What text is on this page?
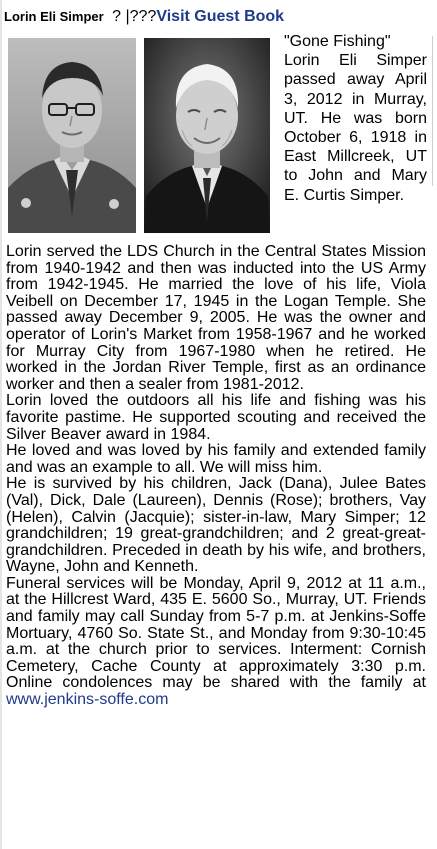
Lorin Eli Simper ? |???Visit Guest Book

"Gone Fishing"

Lorin Eli Simper passed away April 3, 2012 in Murray, UT. He was born October 6, 1918 in East Millcreek, UT to John and Mary E. Curtis Simper.

Lorin served the LDS Church in the Central States Mission from 1940-1942 and then was inducted into the US Army from 1942-1945. He married the love of his life, Viola Veibell on December 17, 1945 in the Logan Temple. She passed away December 9, 2005. He was the owner and operator of Lorin's Market from 1958-1967 and he worked for Murray City from 1967-1980 when he retired. He worked in the Jordan River Temple, first as an ordinance worker and then a sealer from 1981-2012.

Lorin loved the outdoors all his life and fishing was his favorite pastime. He supported scouting and received the Silver Beaver award in 1984.

He loved and was loved by his family and extended family and was an example to all. We will miss him.

He is survived by his children, Jack (Dana), Julee Bates (Val), Dick, Dale (Laureen), Dennis (Rose); brothers, Vay (Helen), Calvin (Jacquie); sister-in-law, Mary Simper; 12 grandchildren; 19 great-grandchildren; and 2 great-great-grandchildren. Preceded in death by his wife, and brothers, Wayne, John and Kenneth.

Funeral services will be Monday, April 9, 2012 at 11 a.m., at the Hillcrest Ward, 435 E. 5600 So., Murray, UT. Friends and family may call Sunday from 5-7 p.m. at Jenkins-Soffe Mortuary, 4760 So. State St., and Monday from 9:30-10:45 a.m. at the church prior to services. Interment: Cornish Cemetery, Cache County at approximately 3:30 p.m. Online condolences may be shared with the family at www.jenkins-soffe.com
